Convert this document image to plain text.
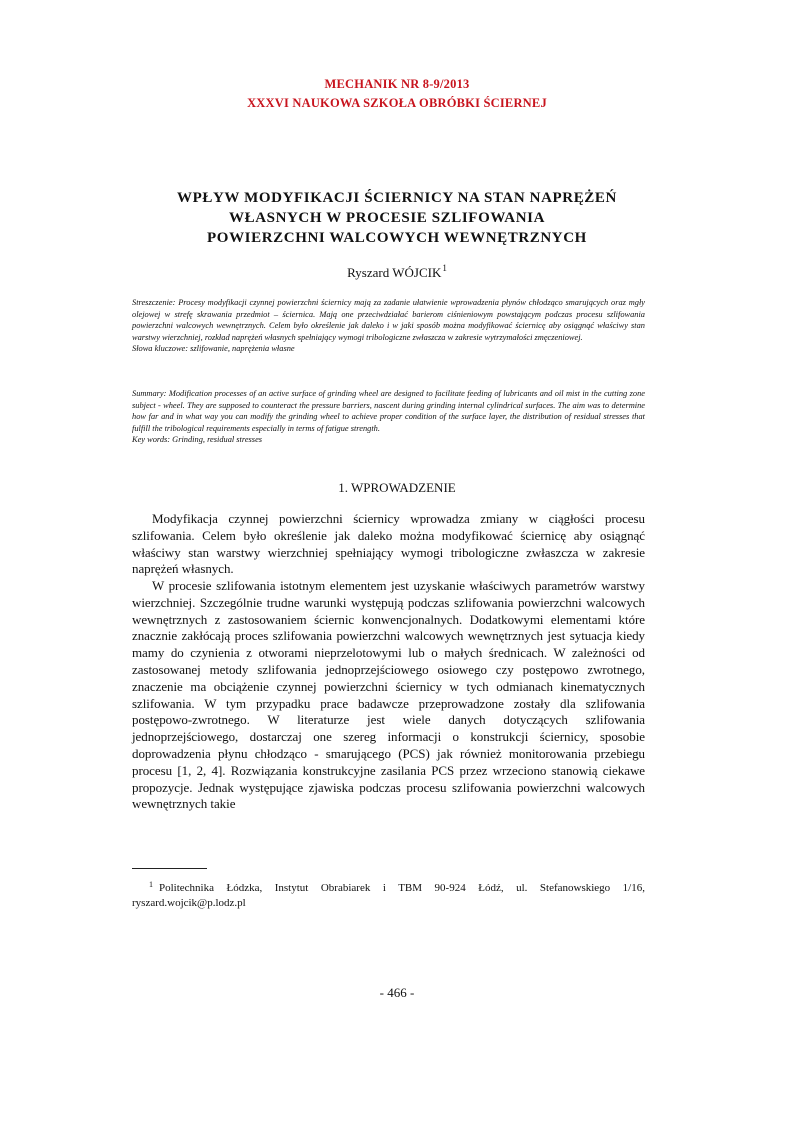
MECHANIK NR 8-9/2013
XXXVI NAUKOWA SZKOŁA OBRÓBKI ŚCIERNEJ
WPŁYW MODYFIKACJI ŚCIERNICY NA STAN NAPRĘŻEŃ
WŁASNYCH W PROCESIE SZLIFOWANIA
POWIERZCHNI WALCOWYCH WEWNĘTRZNYCH
Ryszard WÓJCIK$^1$

Streszczenie: Procesy modyfikacji czynnej powierzchni ściernicy mają za zadanie ułatwienie wprowadzenia płynów chłodząco smarujących oraz mgły olejowej w strefę skrawania przedmiot – ściernica. Mają one przeciwdziałać barierom ciśnieniowym powstającym podczas procesu szlifowania powierzchni walcowych wewnętrznych. Celem było określenie jak daleko i w jaki sposób można modyfikować ściernicę aby osiągnąć właściwy stan warstwy wierzchniej, rozkład naprężeń własnych spełniający wymogi tribologiczne zwłaszcza w zakresie wytrzymałości zmęczeniowej.
Słowa kluczowe: szlifowanie, naprężenia własne

Summary: Modification processes of an active surface of grinding wheel are designed to facilitate feeding of lubricants and oil mist in the cutting zone subject - wheel. They are supposed to counteract the pressure barriers, nascent during grinding internal cylindrical surfaces. The aim was to determine how far and in what way you can modify the grinding wheel to achieve proper condition of the surface layer, the distribution of residual stresses that fulfill the tribological requirements especially in terms of fatigue strength.
Key words: Grinding, residual stresses

1. WPROWADZENIE

Modyfikacja czynnej powierzchni ściernicy wprowadza zmiany w ciągłości procesu szlifowania. Celem było określenie jak daleko można modyfikować ściernicę aby osiągnąć właściwy stan warstwy wierzchniej spełniający wymogi tribologiczne zwłaszcza w zakresie naprężeń własnych.

W procesie szlifowania istotnym elementem jest uzyskanie właściwych parametrów warstwy wierzchniej. Szczególnie trudne warunki występują podczas szlifowania powierzchni walcowych wewnętrznych z zastosowaniem ściernic konwencjonalnych. Dodatkowymi elementami które znacznie zakłócają proces szlifowania powierzchni walcowych wewnętrznych jest sytuacja kiedy mamy do czynienia z otworami nieprzelotowymi lub o małych średnicach. W zależności od zastosowanej metody szlifowania jednoprzejściowego osiowego czy postępowo zwrotnego, znaczenie ma obciążenie czynnej powierzchni ściernicy w tych odmianach kinematycznych szlifowania. W tym przypadku prace badawcze przeprowadzone zostały dla szlifowania postępowo-zwrotnego. W literaturze jest wiele danych dotyczących szlifowania jednoprzejściowego, dostarczaj one szereg informacji o konstrukcji ściernicy, sposobie doprowadzenia płynu chłodząco - smarującego (PCS) jak również monitorowania przebiegu procesu [1, 2, 4]. Rozwiązania konstrukcyjne zasilania PCS przez wrzeciono stanowią ciekawe propozycje. Jednak występujące zjawiska podczas procesu szlifowania powierzchni walcowych wewnętrznych takie

$^1$ Politechnika Łódzka, Instytut Obrabiarek i TBM 90-924 Łódź, ul. Stefanowskiego 1/16, ryszard.wojcik@p.lodz.pl

- 466 -
